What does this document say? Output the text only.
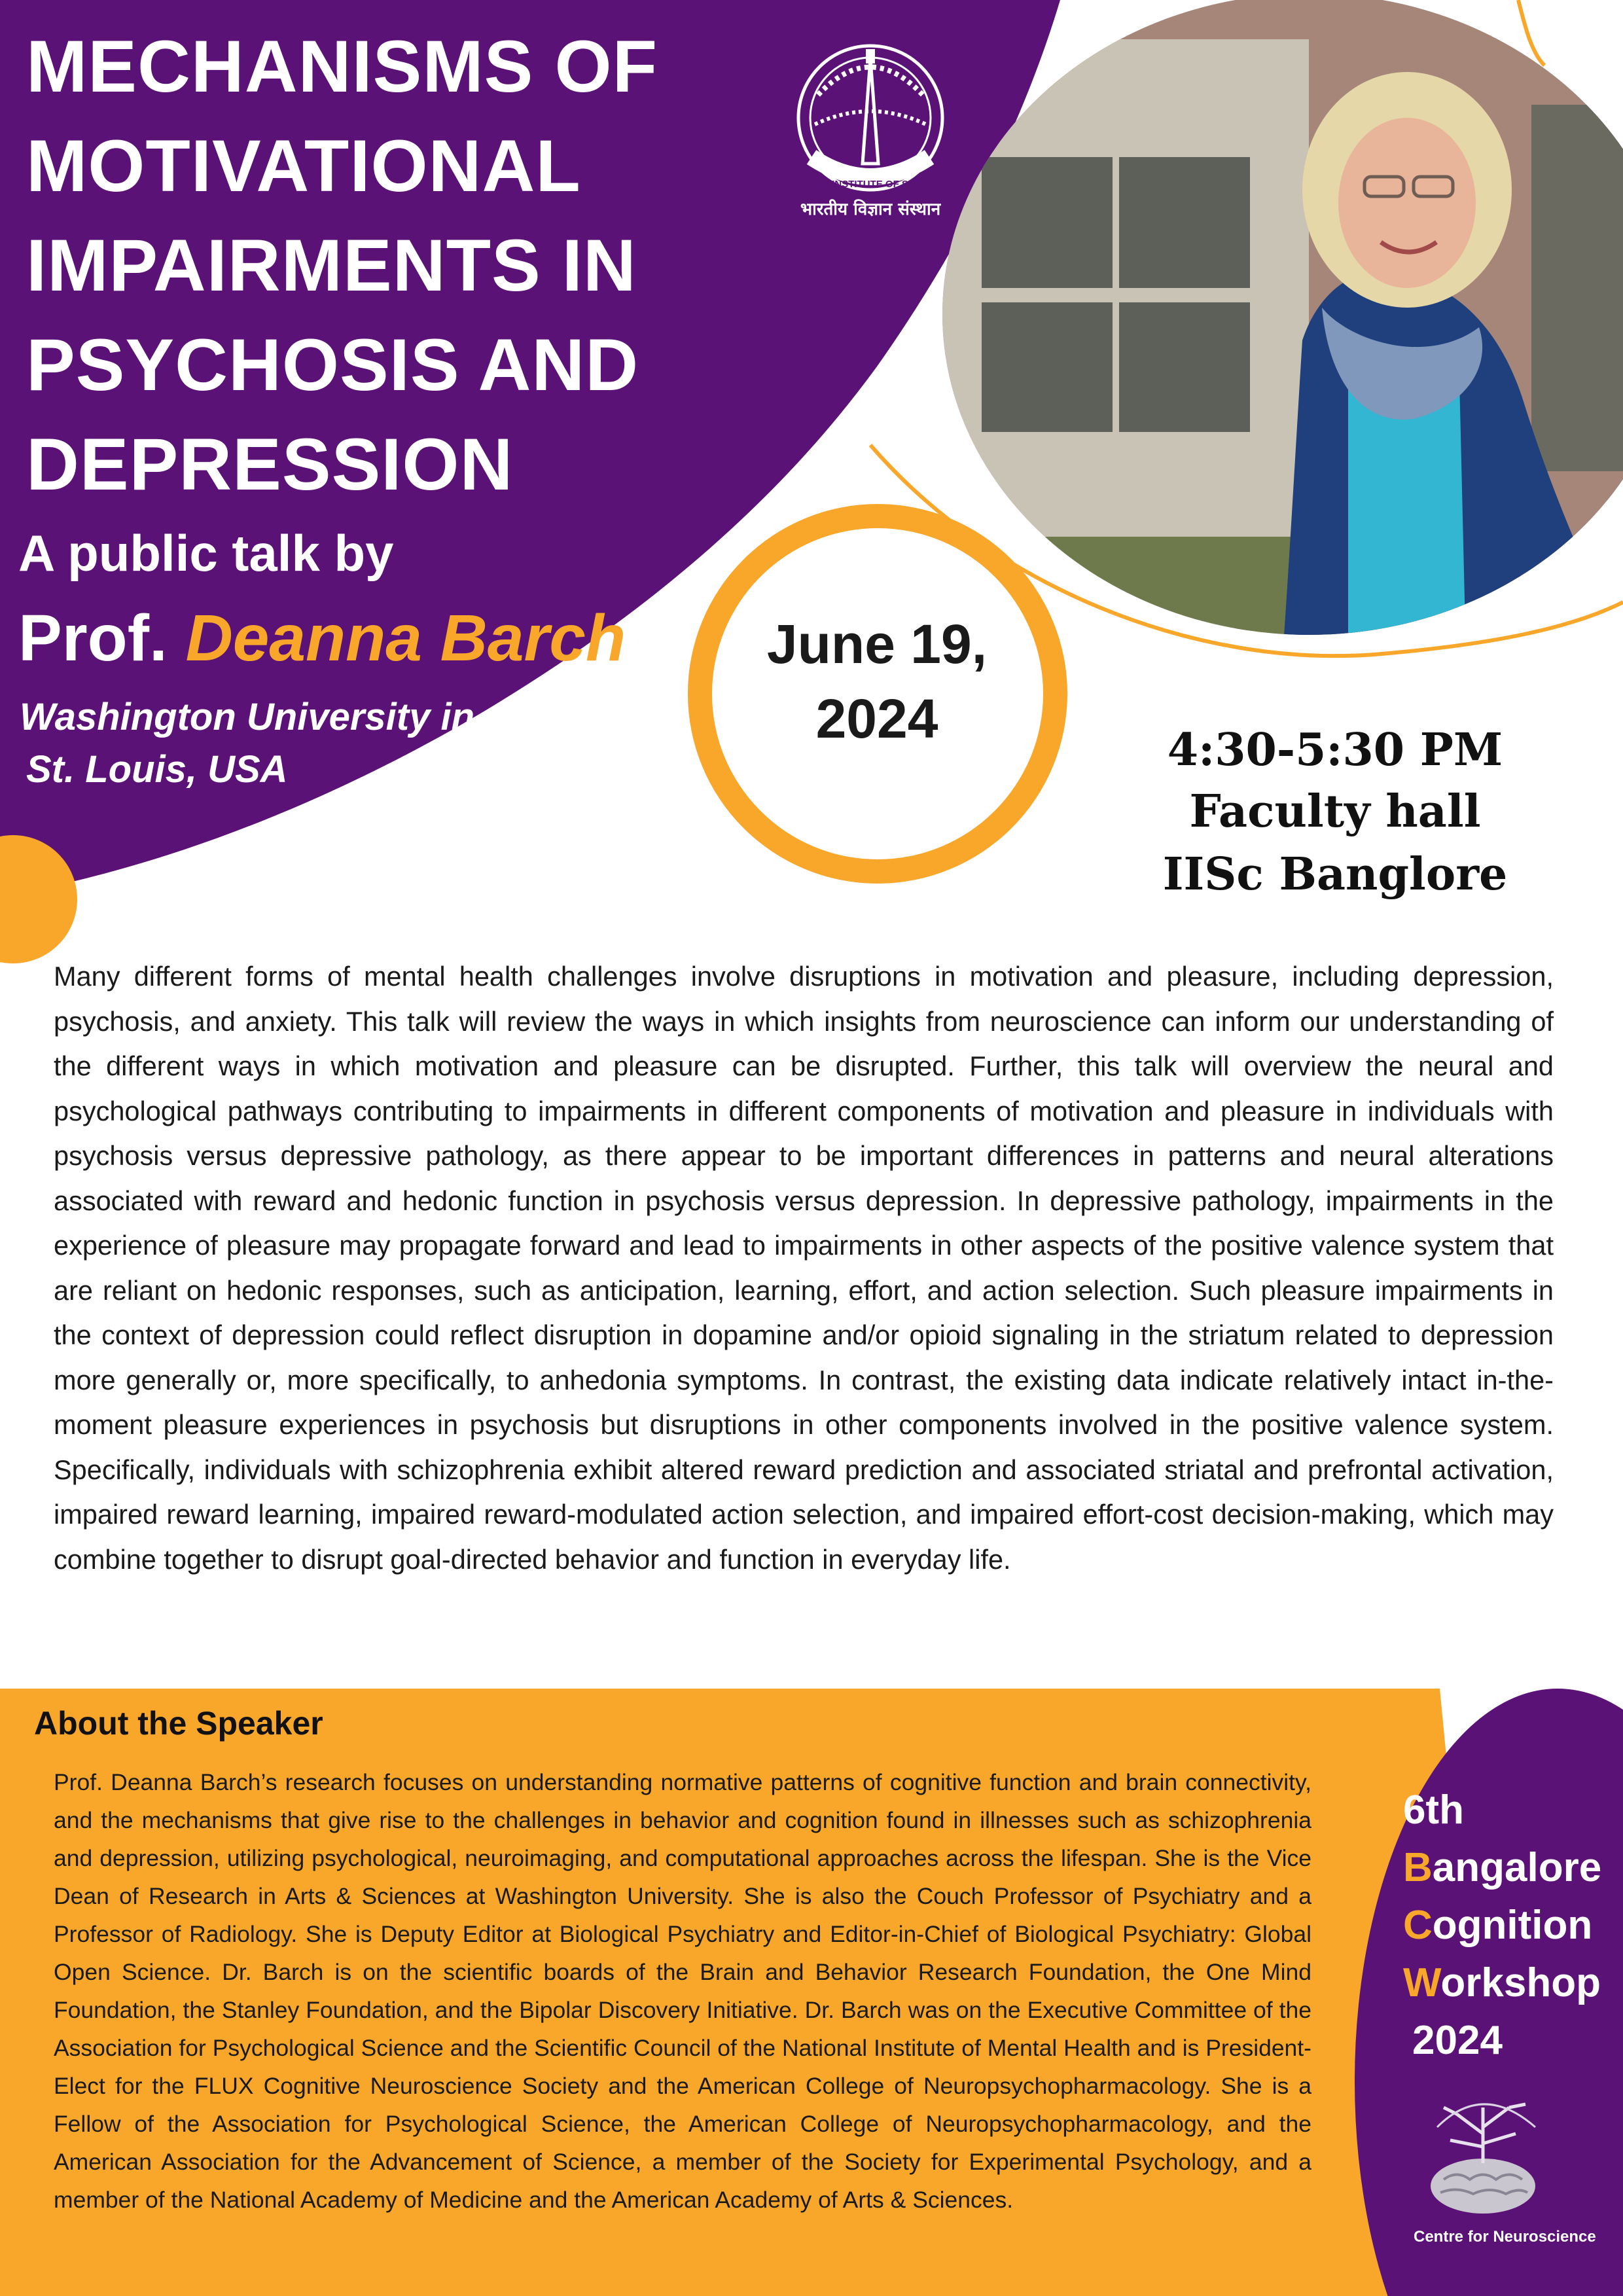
INDIAN INSTITUTE OF SCIENCE
भारतीय विज्ञान संस्थान
MECHANISMS OF
MOTIVATIONAL
IMPAIRMENTS IN
PSYCHOSIS AND
DEPRESSION
A public talk by
Prof. Deanna Barch
Washington University in
St. Louis, USA
June 19,
2024
4:30-5:30 PM
Faculty hall
IISc Banglore

Many different forms of mental health challenges involve disruptions in motivation and pleasure, including depression, psychosis, and anxiety. This talk will review the ways in which insights from neuroscience can inform our understanding of the different ways in which motivation and pleasure can be disrupted. Further, this talk will overview the neural and psychological pathways contributing to impairments in different components of motivation and pleasure in individuals with psychosis versus depressive pathology, as there appear to be important differences in patterns and neural alterations associated with reward and hedonic function in psychosis versus depression. In depressive pathology, impairments in the experience of pleasure may propagate forward and lead to impairments in other aspects of the positive valence system that are reliant on hedonic responses, such as anticipation, learning, effort, and action selection. Such pleasure impairments in the context of depression could reflect disruption in dopamine and/or opioid signaling in the striatum related to depression more generally or, more specifically, to anhedonia symptoms. In contrast, the existing data indicate relatively intact in-the-moment pleasure experiences in psychosis but disruptions in other components involved in the positive valence system. Specifically, individuals with schizophrenia exhibit altered reward prediction and associated striatal and prefrontal activation, impaired reward learning, impaired reward-modulated action selection, and impaired effort-cost decision-making, which may combine together to disrupt goal-directed behavior and function in everyday life.

About the Speaker

Prof. Deanna Barch’s research focuses on understanding normative patterns of cognitive function and brain connectivity, and the mechanisms that give rise to the challenges in behavior and cognition found in illnesses such as schizophrenia and depression, utilizing psychological, neuroimaging, and computational approaches across the lifespan. She is the Vice Dean of Research in Arts & Sciences at Washington University. She is also the Couch Professor of Psychiatry and a Professor of Radiology. She is Deputy Editor at Biological Psychiatry and Editor-in-Chief of Biological Psychiatry: Global Open Science. Dr. Barch is on the scientific boards of the Brain and Behavior Research Foundation, the One Mind Foundation, the Stanley Foundation, and the Bipolar Discovery Initiative. Dr. Barch was on the Executive Committee of the Association for Psychological Science and the Scientific Council of the National Institute of Mental Health and is President-Elect for the FLUX Cognitive Neuroscience Society and the American College of Neuropsychopharmacology. She is a Fellow of the Association for Psychological Science, the American College of Neuropsychopharmacology, and the American Association for the Advancement of Science, a member of the Society for Experimental Psychology, and a member of the National Academy of Medicine and the American Academy of Arts & Sciences.

6th
Bangalore
Cognition
Workshop
2024
Centre for Neuroscience
